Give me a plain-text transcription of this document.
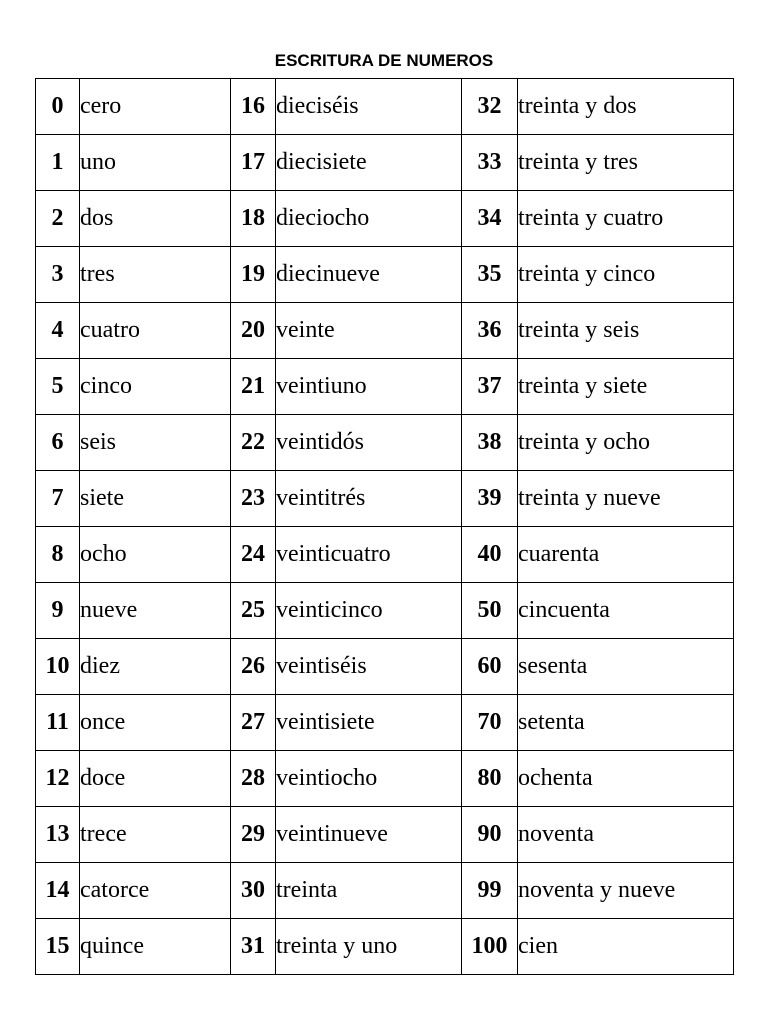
ESCRITURA DE NUMEROS
0	cero	16	dieciséis	32	treinta y dos
1	uno	17	diecisiete	33	treinta y tres
2	dos	18	dieciocho	34	treinta y cuatro
3	tres	19	diecinueve	35	treinta y cinco
4	cuatro	20	veinte	36	treinta y seis
5	cinco	21	veintiuno	37	treinta y siete
6	seis	22	veintidós	38	treinta y ocho
7	siete	23	veintitrés	39	treinta y nueve
8	ocho	24	veinticuatro	40	cuarenta
9	nueve	25	veinticinco	50	cincuenta
10	diez	26	veintiséis	60	sesenta
11	once	27	veintisiete	70	setenta
12	doce	28	veintiocho	80	ochenta
13	trece	29	veintinueve	90	noventa
14	catorce	30	treinta	99	noventa y nueve
15	quince	31	treinta y uno	100	cien
